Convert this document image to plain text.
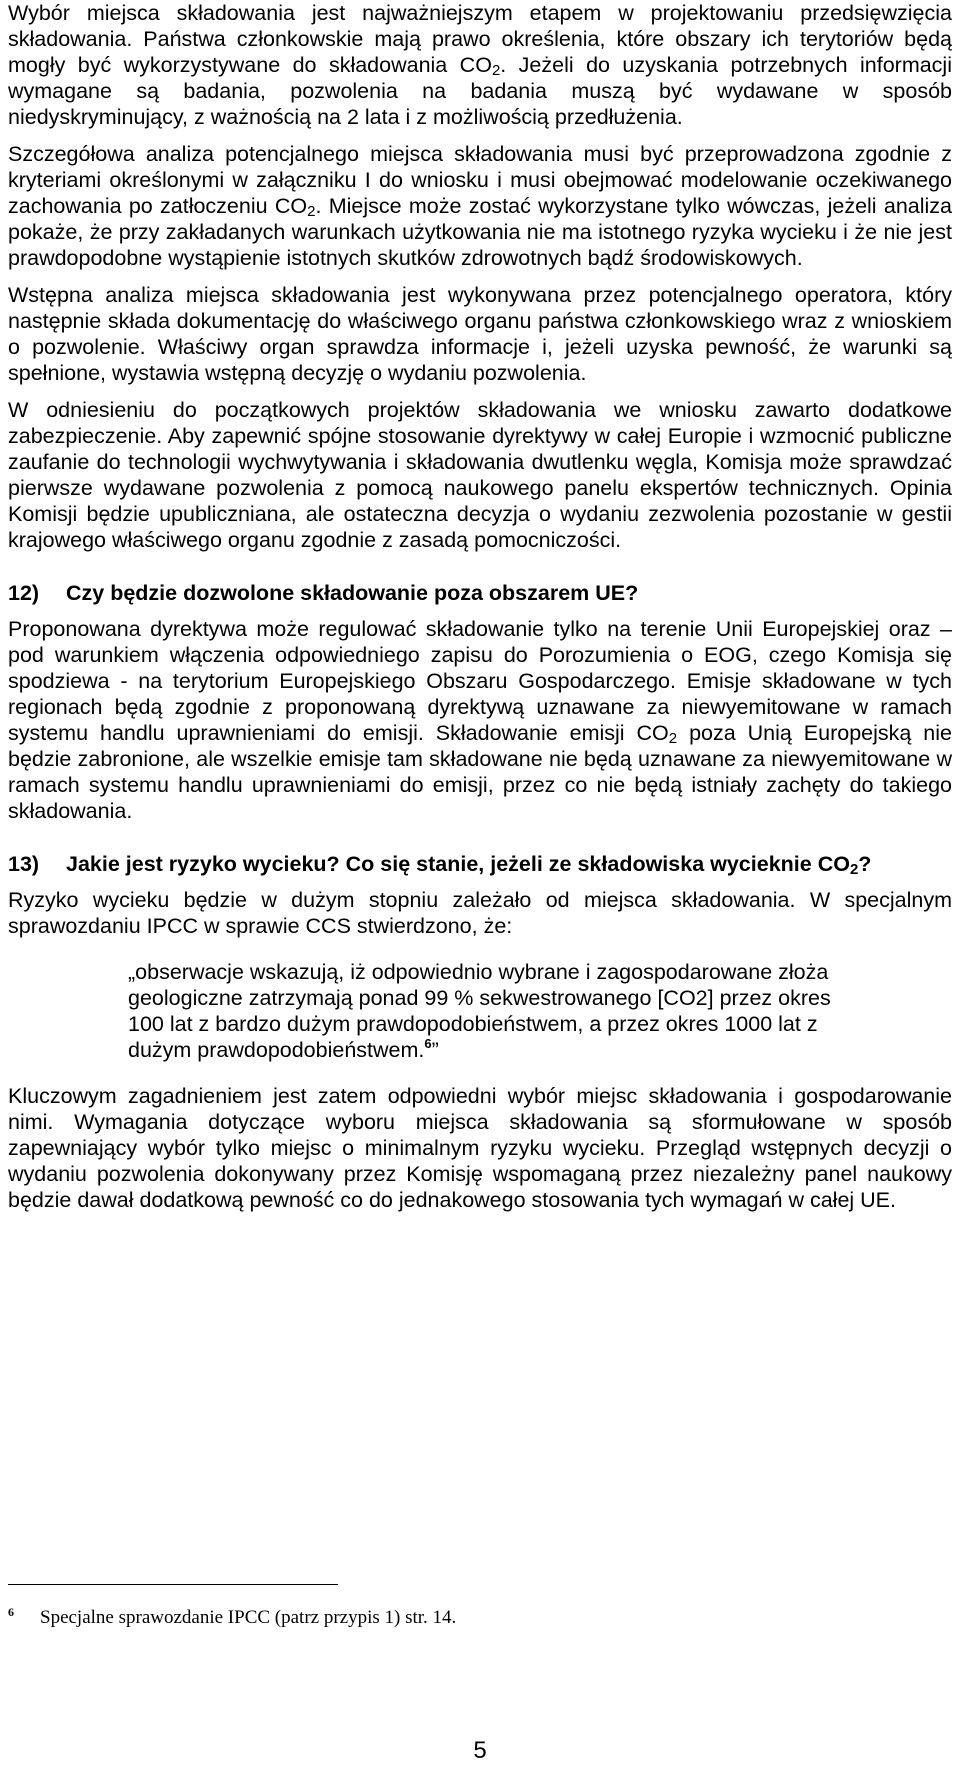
Wybór miejsca składowania jest najważniejszym etapem w projektowaniu przedsięwzięcia składowania. Państwa członkowskie mają prawo określenia, które obszary ich terytoriów będą mogły być wykorzystywane do składowania $CO_2$. Jeżeli do uzyskania potrzebnych informacji wymagane są badania, pozwolenia na badania muszą być wydawane w sposób niedyskryminujący, z ważnością na 2 lata i z możliwością przedłużenia.

Szczegółowa analiza potencjalnego miejsca składowania musi być przeprowadzona zgodnie z kryteriami określonymi w załączniku I do wniosku i musi obejmować modelowanie oczekiwanego zachowania po zatłoczeniu $CO_2$. Miejsce może zostać wykorzystane tylko wówczas, jeżeli analiza pokaże, że przy zakładanych warunkach użytkowania nie ma istotnego ryzyka wycieku i że nie jest prawdopodobne wystąpienie istotnych skutków zdrowotnych bądź środowiskowych.

Wstępna analiza miejsca składowania jest wykonywana przez potencjalnego operatora, który następnie składa dokumentację do właściwego organu państwa członkowskiego wraz z wnioskiem o pozwolenie. Właściwy organ sprawdza informacje i, jeżeli uzyska pewność, że warunki są spełnione, wystawia wstępną decyzję o wydaniu pozwolenia.

W odniesieniu do początkowych projektów składowania we wniosku zawarto dodatkowe zabezpieczenie. Aby zapewnić spójne stosowanie dyrektywy w całej Europie i wzmocnić publiczne zaufanie do technologii wychwytywania i składowania dwutlenku węgla, Komisja może sprawdzać pierwsze wydawane pozwolenia z pomocą naukowego panelu ekspertów technicznych. Opinia Komisji będzie upubliczniana, ale ostateczna decyzja o wydaniu zezwolenia pozostanie w gestii krajowego właściwego organu zgodnie z zasadą pomocniczości.

12) Czy będzie dozwolone składowanie poza obszarem UE?

Proponowana dyrektywa może regulować składowanie tylko na terenie Unii Europejskiej oraz – pod warunkiem włączenia odpowiedniego zapisu do Porozumienia o EOG, czego Komisja się spodziewa - na terytorium Europejskiego Obszaru Gospodarczego. Emisje składowane w tych regionach będą zgodnie z proponowaną dyrektywą uznawane za niewyemitowane w ramach systemu handlu uprawnieniami do emisji. Składowanie emisji $CO_2$ poza Unią Europejską nie będzie zabronione, ale wszelkie emisje tam składowane nie będą uznawane za niewyemitowane w ramach systemu handlu uprawnieniami do emisji, przez co nie będą istniały zachęty do takiego składowania.

13) Jakie jest ryzyko wycieku? Co się stanie, jeżeli ze składowiska wycieknie $CO_2$?

Ryzyko wycieku będzie w dużym stopniu zależało od miejsca składowania. W specjalnym sprawozdaniu IPCC w sprawie CCS stwierdzono, że:

„obserwacje wskazują, iż odpowiednio wybrane i zagospodarowane złoża geologiczne zatrzymają ponad 99 % sekwestrowanego [CO2] przez okres 100 lat z bardzo dużym prawdopodobieństwem, a przez okres 1000 lat z dużym prawdopodobieństwem.$^6$”

Kluczowym zagadnieniem jest zatem odpowiedni wybór miejsc składowania i gospodarowanie nimi. Wymagania dotyczące wyboru miejsca składowania są sformułowane w sposób zapewniający wybór tylko miejsc o minimalnym ryzyku wycieku. Przegląd wstępnych decyzji o wydaniu pozwolenia dokonywany przez Komisję wspomaganą przez niezależny panel naukowy będzie dawał dodatkową pewność co do jednakowego stosowania tych wymagań w całej UE.

6 Specjalne sprawozdanie IPCC (patrz przypis 1) str. 14.
5
